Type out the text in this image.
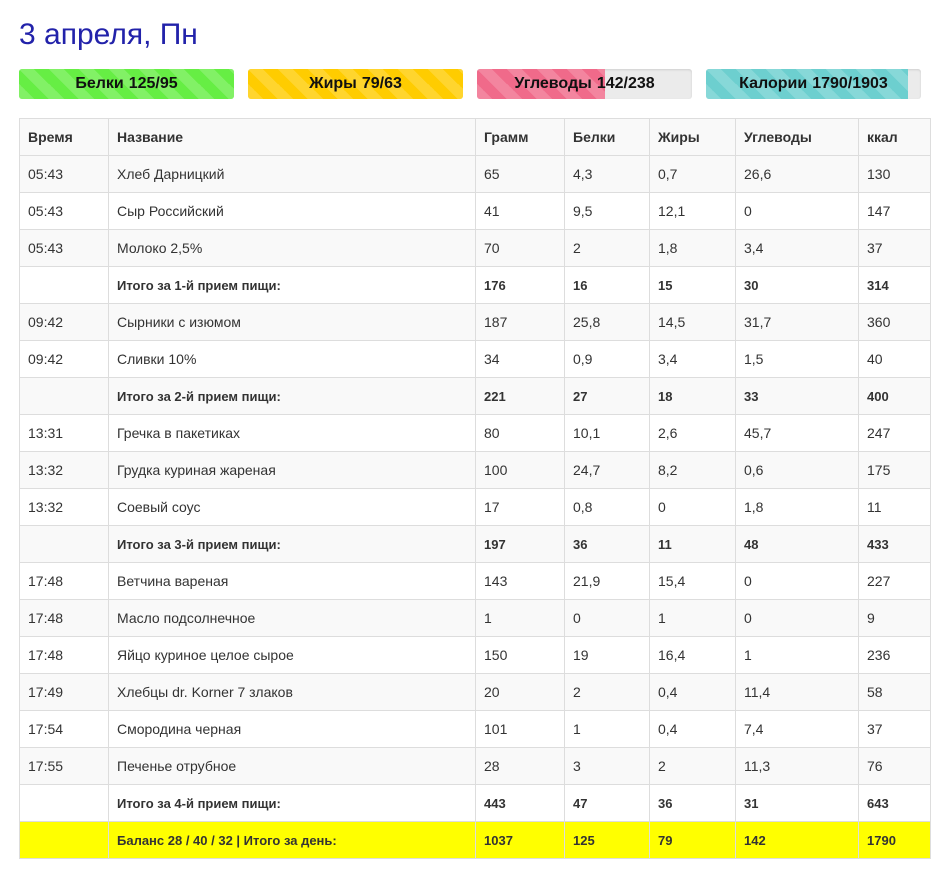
3 апреля, Пн
Белки 125/95	Жиры 79/63	Углеводы 142/238	Калории 1790/1903
Время	Название	Грамм	Белки	Жиры	Углеводы	ккал
05:43	Хлеб Дарницкий	65	4,3	0,7	26,6	130
05:43	Сыр Российский	41	9,5	12,1	0	147
05:43	Молоко 2,5%	70	2	1,8	3,4	37
	Итого за 1-й прием пищи:	176	16	15	30	314
09:42	Сырники с изюмом	187	25,8	14,5	31,7	360
09:42	Сливки 10%	34	0,9	3,4	1,5	40
	Итого за 2-й прием пищи:	221	27	18	33	400
13:31	Гречка в пакетиках	80	10,1	2,6	45,7	247
13:32	Грудка куриная жареная	100	24,7	8,2	0,6	175
13:32	Соевый соус	17	0,8	0	1,8	11
	Итого за 3-й прием пищи:	197	36	11	48	433
17:48	Ветчина вареная	143	21,9	15,4	0	227
17:48	Масло подсолнечное	1	0	1	0	9
17:48	Яйцо куриное целое сырое	150	19	16,4	1	236
17:49	Хлебцы dr. Korner 7 злаков	20	2	0,4	11,4	58
17:54	Смородина черная	101	1	0,4	7,4	37
17:55	Печенье отрубное	28	3	2	11,3	76
	Итого за 4-й прием пищи:	443	47	36	31	643
	Баланс 28 / 40 / 32 | Итого за день:	1037	125	79	142	1790
